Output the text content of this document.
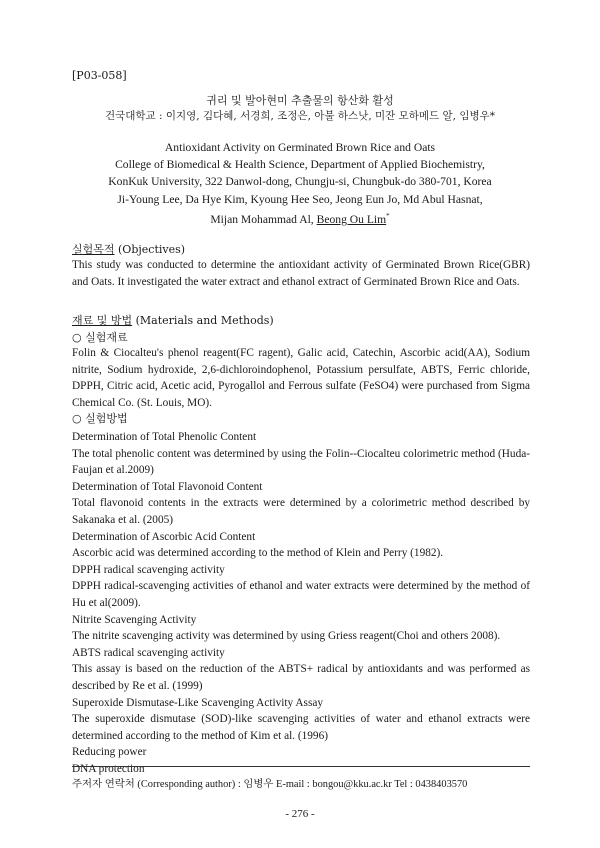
[P03-058]
귀리 및 발아현미 추출물의 항산화 활성
건국대학교 : 이지영, 김다혜, 서경희, 조정은, 아불 하스낫, 미잔 모하메드 알, 임병우*
Antioxidant Activity on Germinated Brown Rice and Oats
College of Biomedical & Health Science, Department of Applied Biochemistry,
KonKuk University, 322 Danwol-dong, Chungju-si, Chungbuk-do 380-701, Korea
Ji-Young Lee, Da Hye Kim, Kyoung Hee Seo, Jeong Eun Jo, Md Abul Hasnat,
Mijan Mohammad Al, Beong Ou Lim*
실험목적 (Objectives)
This study was conducted to determine the antioxidant activity of Germinated Brown Rice(GBR) and Oats. It investigated the water extract and ethanol extract of Germinated Brown Rice and Oats.
재료 및 방법 (Materials and Methods)
○ 실험재료
Folin & Ciocalteu's phenol reagent(FC ragent), Galic acid, Catechin, Ascorbic acid(AA), Sodium nitrite, Sodium hydroxide, 2,6-dichloroindophenol, Potassium persulfate, ABTS, Ferric chloride, DPPH, Citric acid, Acetic acid, Pyrogallol and Ferrous sulfate (FeSO4) were purchased from Sigma Chemical Co. (St. Louis, MO).
○ 실험방법
Determination of Total Phenolic Content
The total phenolic content was determined by using the Folin‐‐Ciocalteu colorimetric method (Huda-Faujan et al.2009)
Determination of Total Flavonoid Content
Total flavonoid contents in the extracts were determined by a colorimetric method described by Sakanaka et al. (2005)
Determination of Ascorbic Acid Content
Ascorbic acid was determined according to the method of Klein and Perry (1982).
DPPH radical scavenging activity
DPPH radical-scavenging activities of ethanol and water extracts were determined by the method of Hu et al(2009).
Nitrite Scavenging Activity
The nitrite scavenging activity was determined by using Griess reagent(Choi and others 2008).
ABTS radical scavenging activity
This assay is based on the reduction of the ABTS+ radical by antioxidants and was performed as described by Re et al. (1999)
Superoxide Dismutase-Like Scavenging Activity Assay
The superoxide dismutase (SOD)-like scavenging activities of water and ethanol extracts were determined according to the method of Kim et al. (1996)
Reducing power
DNA protection
주저자 연락처 (Corresponding author) : 임병우 E-mail : bongou@kku.ac.kr Tel : 0438403570
- 276 -
